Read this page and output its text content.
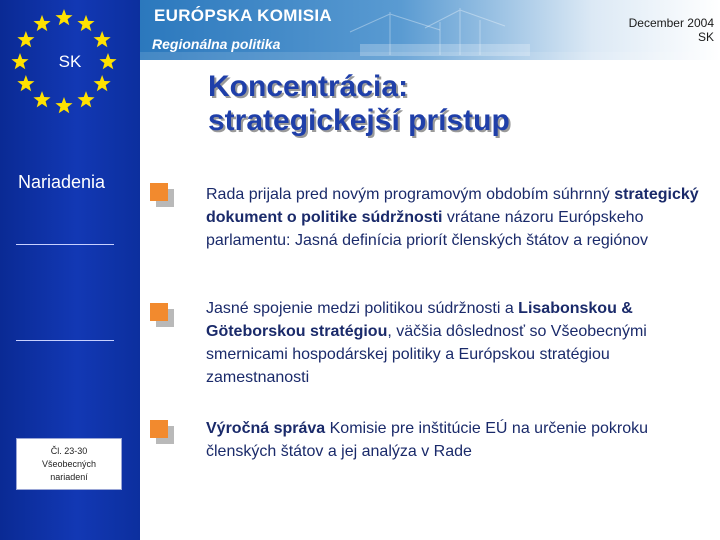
SK
Nariadenia
Čl. 23-30
Všeobecných
nariadení
9
EURÓPSKA KOMISIA
Regionálna politika
December 2004
SK
Koncentrácia:
strategickejší prístup
Rada prijala pred novým programovým obdobím súhrnný strategický dokument o politike súdržnosti vrátane názoru Európskeho parlamentu: Jasná definícia priorít členských štátov a regiónov
Jasné spojenie medzi politikou súdržnosti a Lisabonskou & Göteborskou stratégiou, väčšia dôslednosť so Všeobecnými smernicami hospodárskej politiky a Európskou stratégiou zamestnanosti
Výročná správa Komisie pre inštitúcie EÚ na určenie pokroku členských štátov a jej analýza v Rade
